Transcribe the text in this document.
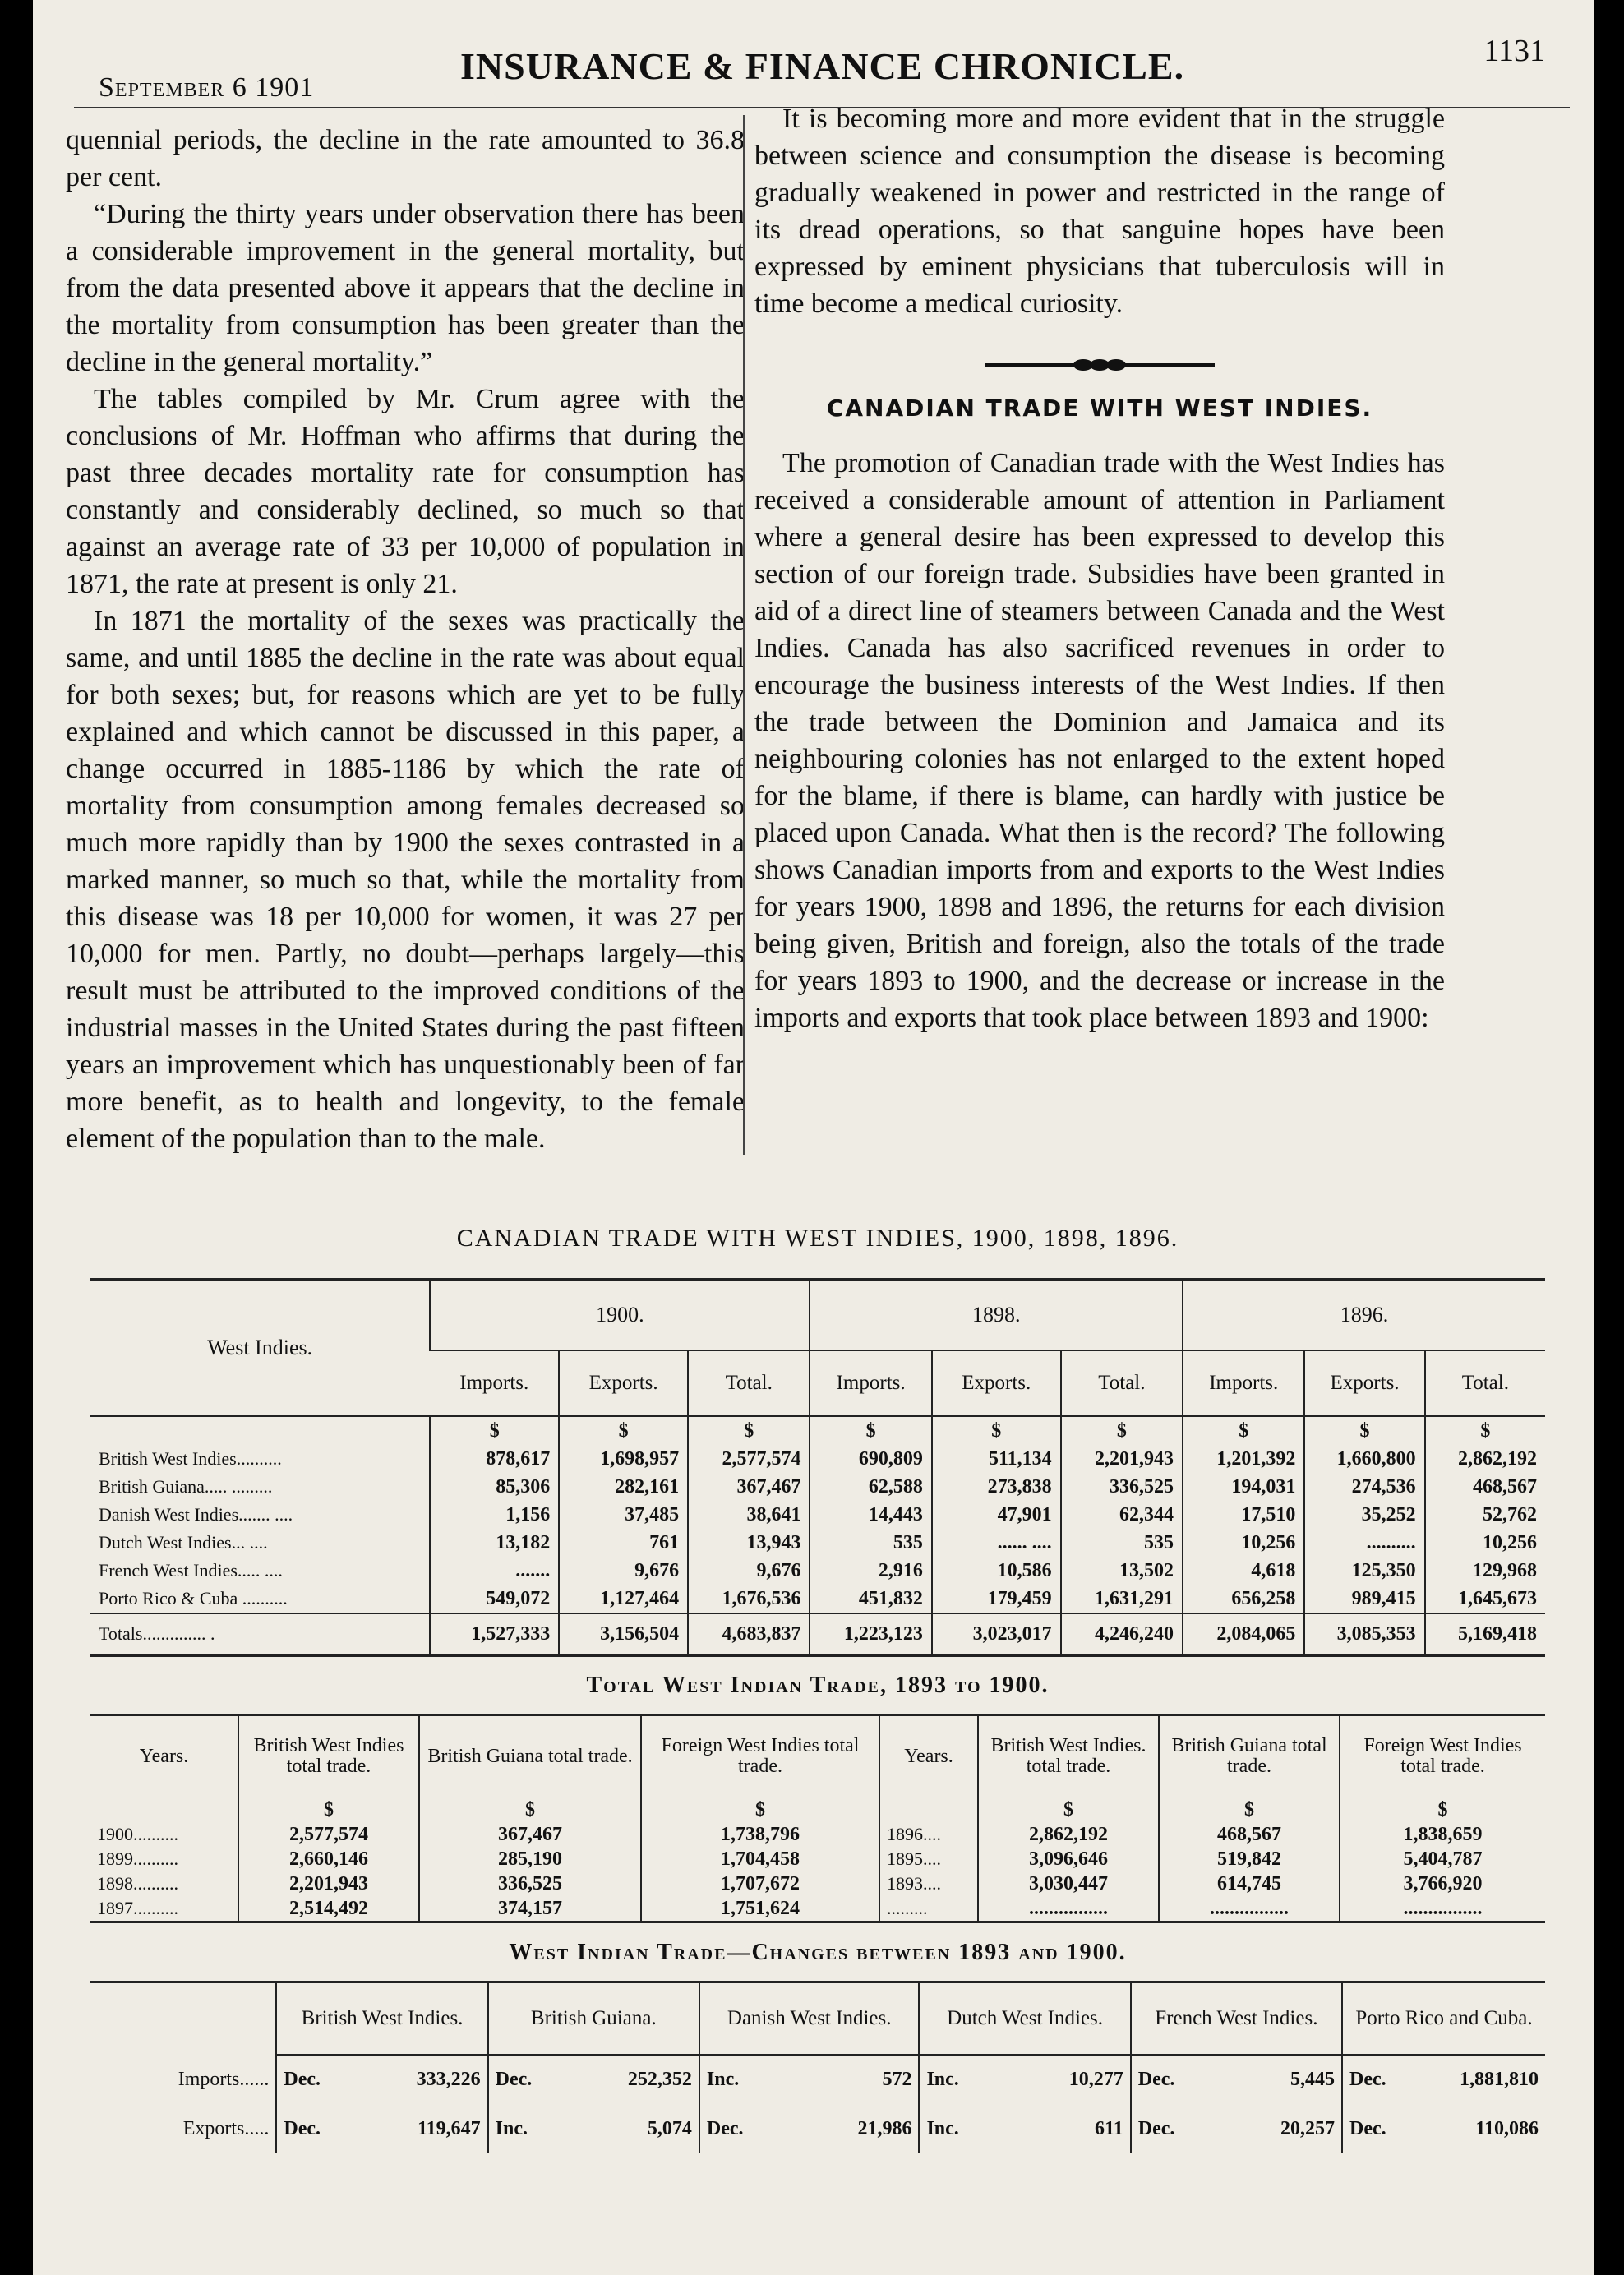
September 6 1901
INSURANCE & FINANCE CHRONICLE.	1131

quennial periods, the decline in the rate amounted to 36.8 per cent.

“During the thirty years under observation there has been a considerable improvement in the general mortality, but from the data presented above it appears that the decline in the mortality from consumption has been greater than the decline in the general mortality.”

The tables compiled by Mr. Crum agree with the conclusions of Mr. Hoffman who affirms that during the past three decades mortality rate for consumption has constantly and considerably declined, so much so that against an average rate of 33 per 10,000 of population in 1871, the rate at present is only 21.

In 1871 the mortality of the sexes was practically the same, and until 1885 the decline in the rate was about equal for both sexes; but, for reasons which are yet to be fully explained and which cannot be discussed in this paper, a change occurred in 1885-1186 by which the rate of mortality from consumption among females decreased so much more rapidly than by 1900 the sexes contrasted in a marked manner, so much so that, while the mortality from this disease was 18 per 10,000 for women, it was 27 per 10,000 for men. Partly, no doubt—perhaps largely—this result must be attributed to the improved conditions of the industrial masses in the United States during the past fifteen years an improvement which has unquestionably been of far more benefit, as to health and longevity, to the female element of the population than to the male.

It is becoming more and more evident that in the struggle between science and consumption the disease is becoming gradually weakened in power and restricted in the range of its dread operations, so that sanguine hopes have been expressed by eminent physicians that tuberculosis will in time become a medical curiosity.

CANADIAN TRADE WITH WEST INDIES.

The promotion of Canadian trade with the West Indies has received a considerable amount of attention in Parliament where a general desire has been expressed to develop this section of our foreign trade. Subsidies have been granted in aid of a direct line of steamers between Canada and the West Indies. Canada has also sacrificed revenues in order to encourage the business interests of the West Indies. If then the trade between the Dominion and Jamaica and its neighbouring colonies has not enlarged to the extent hoped for the blame, if there is blame, can hardly with justice be placed upon Canada. What then is the record? The following shows Canadian imports from and exports to the West Indies for years 1900, 1898 and 1896, the returns for each division being given, British and foreign, also the totals of the trade for years 1893 to 1900, and the decrease or increase in the imports and exports that took place between 1893 and 1900:

CANADIAN TRADE WITH WEST INDIES, 1900, 1898, 1896.
West Indies.	1900.			1898.			1896.		
	Imports.	Exports.	Total.	Imports.	Exports.	Total.	Imports.	Exports.	Total.
	$	$	$	$	$	$	$	$	$
British West Indies..........	878,617	1,698,957	2,577,574	690,809	511,134	2,201,943	1,201,392	1,660,800	2,862,192
British Guiana..... .........	85,306	282,161	367,467	62,588	273,838	336,525	194,031	274,536	468,567
Danish West Indies....... ....	1,156	37,485	38,641	14,443	47,901	62,344	17,510	35,252	52,762
Dutch West Indies... ....	13,182	761	13,943	535	...... ....	535	10,256	..........	10,256
French West Indies..... ....	.......	9,676	9,676	2,916	10,586	13,502	4,618	125,350	129,968
Porto Rico & Cuba ..........	549,072	1,127,464	1,676,536	451,832	179,459	1,631,291	656,258	989,415	1,645,673
Totals.............. .	1,527,333	3,156,504	4,683,837	1,223,123	3,023,017	4,246,240	2,084,065	3,085,353	5,169,418
Total West Indian Trade, 1893 to 1900.
Years.	British West Indies total trade.	British Guiana total trade.	Foreign West Indies total trade.	Years.	British West Indies. total trade.	British Guiana total trade.	Foreign West Indies total trade.
	$	$	$		$	$	$
1900..........	2,577,574	367,467	1,738,796	1896....	2,862,192	468,567	1,838,659
1899..........	2,660,146	285,190	1,704,458	1895....	3,096,646	519,842	5,404,787
1898..........	2,201,943	336,525	1,707,672	1893....	3,030,447	614,745	3,766,920
1897..........	2,514,492	374,157	1,751,624	.........	................	................	................
West Indian Trade—Changes between 1893 and 1900.
	British West Indies.	British Guiana.	Danish West Indies.	Dutch West Indies.	French West Indies.	Porto Rico and Cuba.
Imports......	Dec. 333,226	Dec. 252,352	Inc. 572	Inc. 10,277	Dec. 5,445	Dec. 1,881,810

Exports.....	Dec. 119,647	Inc. 5,074	Dec. 21,986	Inc. 611	Dec. 20,257	Dec. 110,086
